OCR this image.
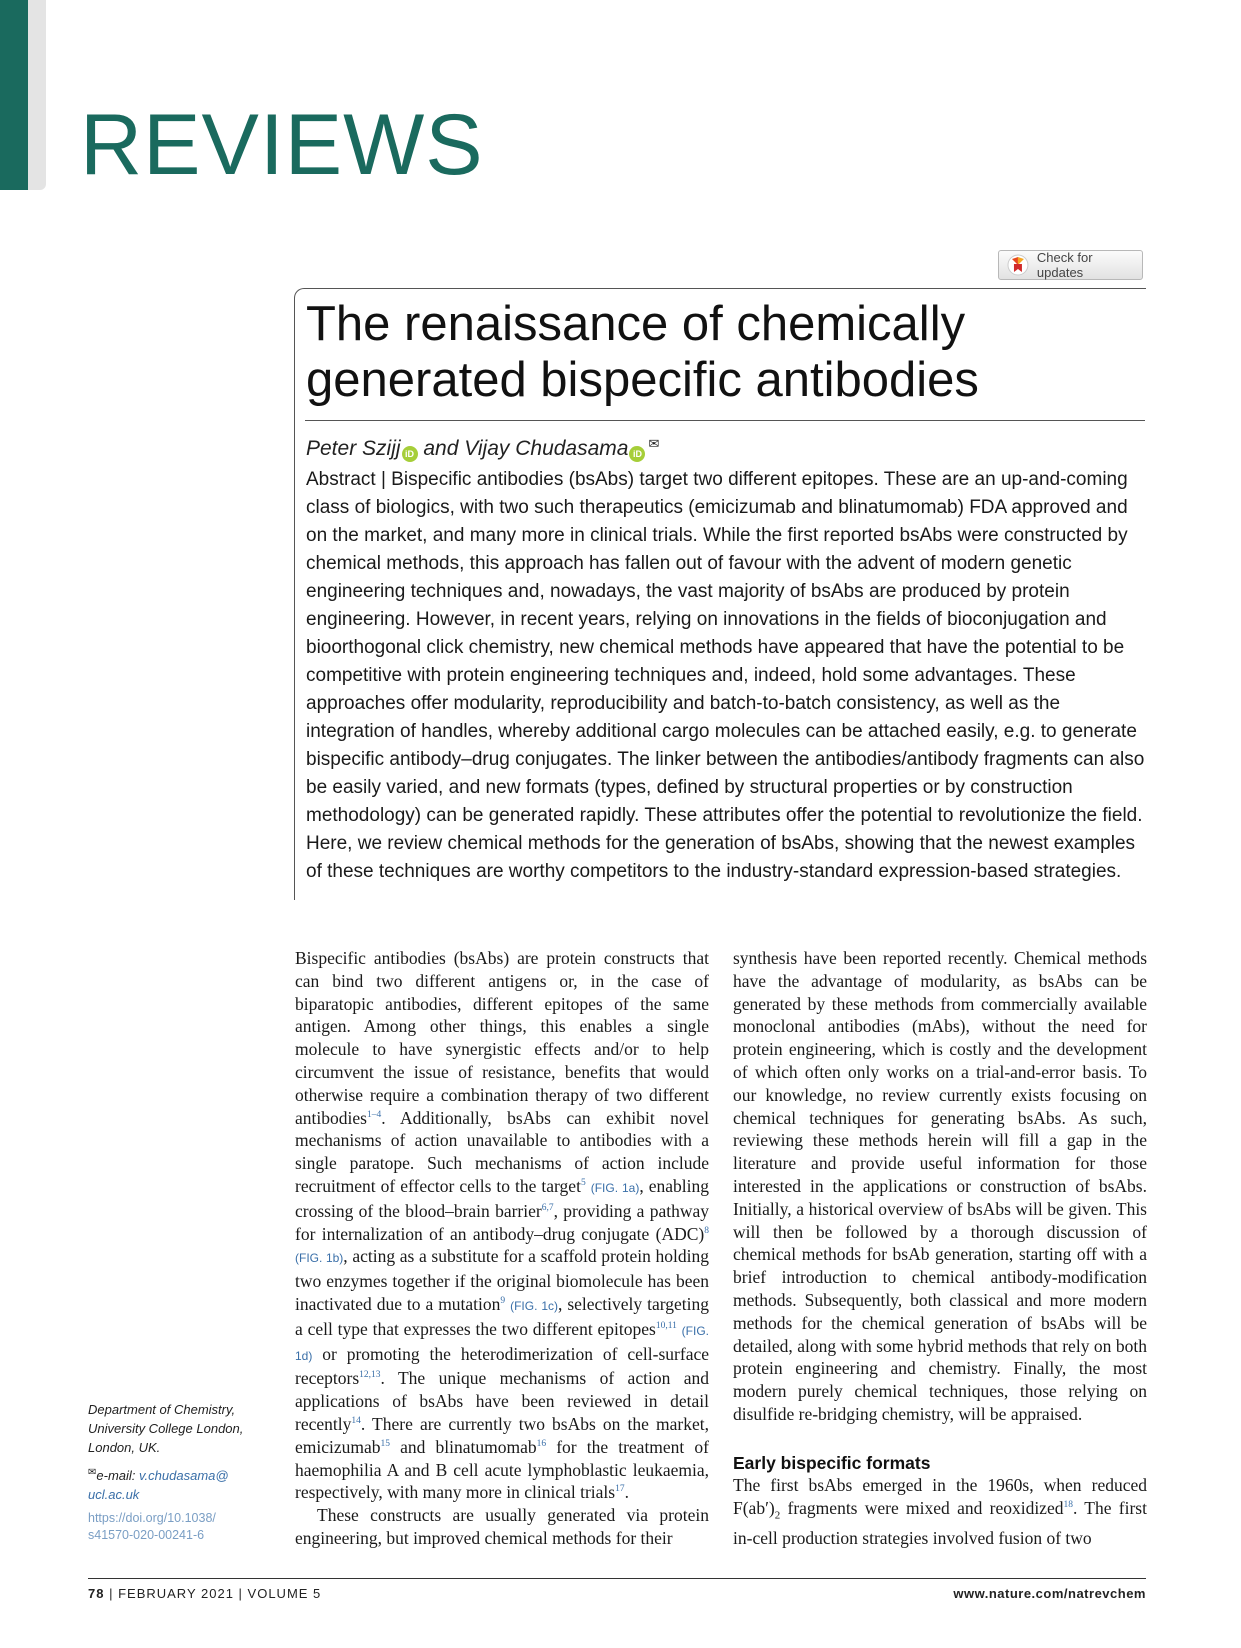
REVIEWS
Check for updates
The renaissance of chemically
generated bispecific antibodies
Peter Szijj iD and Vijay Chudasama iD✉

Abstract | Bispecific antibodies (bsAbs) target two different epitopes. These are an up-and-coming class of biologics, with two such therapeutics (emicizumab and blinatumomab) FDA approved and on the market, and many more in clinical trials. While the first reported bsAbs were constructed by chemical methods, this approach has fallen out of favour with the advent of modern genetic engineering techniques and, nowadays, the vast majority of bsAbs are produced by protein engineering. However, in recent years, relying on innovations in the fields of bioconjugation and bioorthogonal click chemistry, new chemical methods have appeared that have the potential to be competitive with protein engineering techniques and, indeed, hold some advantages. These approaches offer modularity, reproducibility and batch-to-batch consistency, as well as the integration of handles, whereby additional cargo molecules can be attached easily, e.g. to generate bispecific antibody–drug conjugates. The linker between the antibodies/antibody fragments can also be easily varied, and new formats (types, defined by structural properties or by construction methodology) can be generated rapidly. These attributes offer the potential to revolutionize the field. Here, we review chemical methods for the generation of bsAbs, showing that the newest examples of these techniques are worthy competitors to the industry-standard expression-based strategies.

Bispecific antibodies (bsAbs) are protein constructs that can bind two different antigens or, in the case of biparatopic antibodies, different epitopes of the same antigen. Among other things, this enables a single molecule to have synergistic effects and/or to help circumvent the issue of resistance, benefits that would otherwise require a combination therapy of two different antibodies$^{1-4}$. Additionally, bsAbs can exhibit novel mechanisms of action unavailable to antibodies with a single paratope. Such mechanisms of action include recruitment of effector cells to the target$^5$ (FIG. 1a), enabling crossing of the blood–brain barrier$^{6,7}$, providing a pathway for internalization of an antibody–drug conjugate (ADC)$^8$ (FIG. 1b), acting as a substitute for a scaffold protein holding two enzymes together if the original biomolecule has been inactivated due to a mutation$^9$ (FIG. 1c), selectively targeting a cell type that expresses the two different epitopes$^{10,11}$ (FIG. 1d) or promoting the heterodimerization of cell-surface receptors$^{12,13}$. The unique mechanisms of action and applications of bsAbs have been reviewed in detail recently$^{14}$. There are currently two bsAbs on the market, emicizumab$^{15}$ and blinatumomab$^{16}$ for the treatment of haemophilia A and B cell acute lymphoblastic leukaemia, respectively, with many more in clinical trials$^{17}$.

These constructs are usually generated via protein engineering, but improved chemical methods for their

synthesis have been reported recently. Chemical methods have the advantage of modularity, as bsAbs can be generated by these methods from commercially available monoclonal antibodies (mAbs), without the need for protein engineering, which is costly and the development of which often only works on a trial-and-error basis. To our knowledge, no review currently exists focusing on chemical techniques for generating bsAbs. As such, reviewing these methods herein will fill a gap in the literature and provide useful information for those interested in the applications or construction of bsAbs. Initially, a historical overview of bsAbs will be given. This will then be followed by a thorough discussion of chemical methods for bsAb generation, starting off with a brief introduction to chemical antibody-modification methods. Subsequently, both classical and more modern methods for the chemical generation of bsAbs will be detailed, along with some hybrid methods that rely on both protein engineering and chemistry. Finally, the most modern purely chemical techniques, those relying on disulfide re-bridging chemistry, will be appraised.

Early bispecific formats

The first bsAbs emerged in the 1960s, when reduced $F(ab')_2$ fragments were mixed and reoxidized$^{18}$. The first in-cell production strategies involved fusion of two

Department of Chemistry,
University College London,
London, UK.
✉e-mail: v.chudasama@
ucl.ac.uk
https://doi.org/10.1038/
s41570-020-00241-6
78 | FEBRUARY 2021 | VOLUME 5	www.nature.com/natrevchem
